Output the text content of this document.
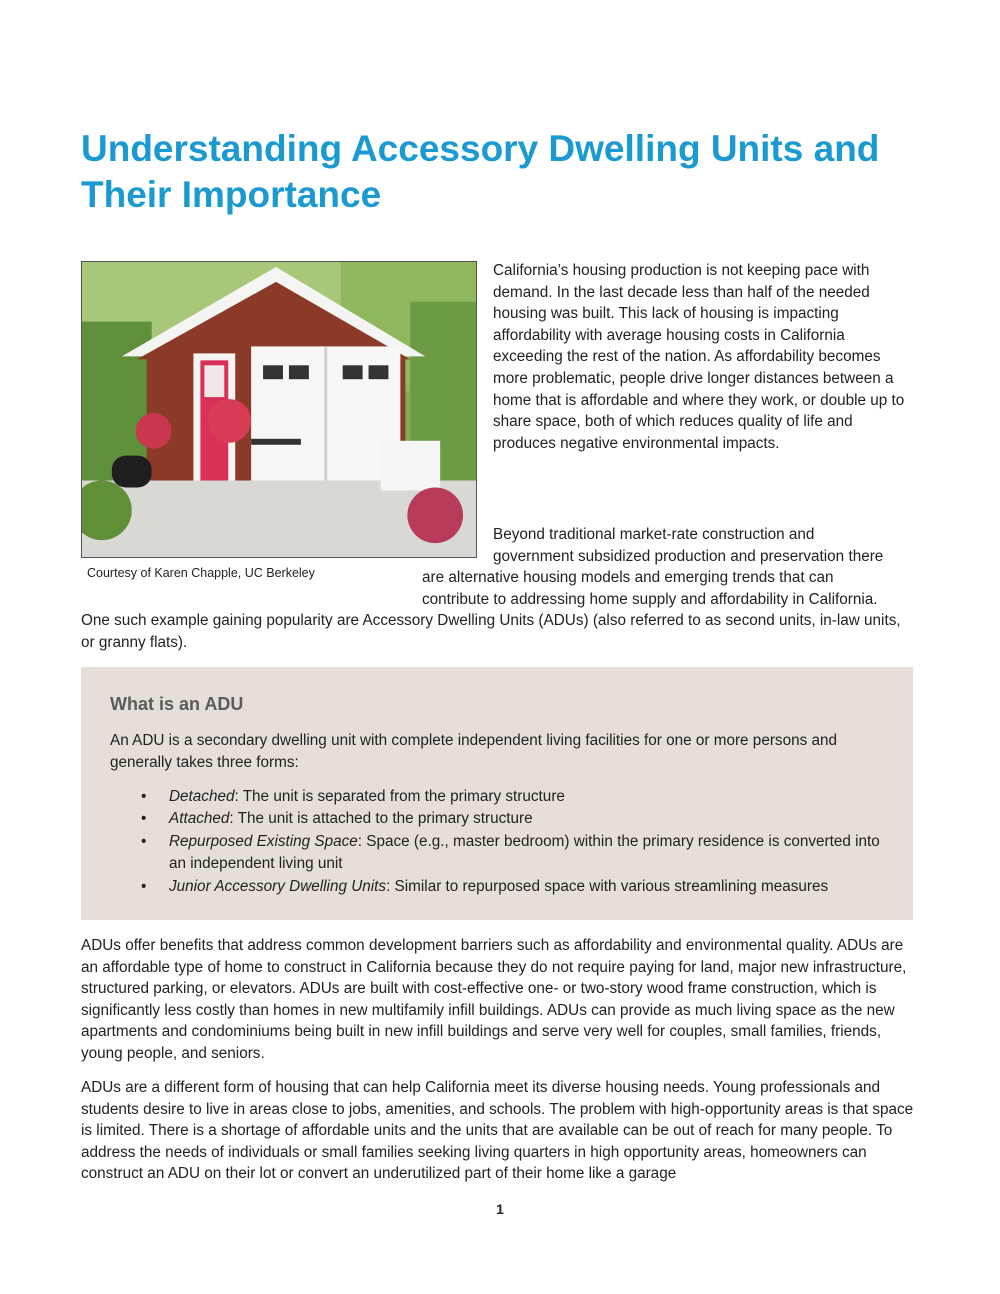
Understanding Accessory Dwelling Units and Their Importance

Courtesy of Karen Chapple, UC Berkeley

California’s housing production is not keeping pace with demand. In the last decade less than half of the needed housing was built. This lack of housing is impacting affordability with average housing costs in California exceeding the rest of the nation. As affordability becomes more problematic, people drive longer distances between a home that is affordable and where they work, or double up to share space, both of which reduces quality of life and produces negative environmental impacts.

Beyond traditional market-rate construction and
government subsidized production and preservation there

are alternative housing models and emerging trends that can
contribute to addressing home supply and affordability in California.

One such example gaining popularity are Accessory Dwelling Units (ADUs) (also referred to as second units, in-law units, or granny flats).

What is an ADU

An ADU is a secondary dwelling unit with complete independent living facilities for one or more persons and generally takes three forms:

• Detached: The unit is separated from the primary structure
• Attached: The unit is attached to the primary structure
• Repurposed Existing Space: Space (e.g., master bedroom) within the primary residence is converted into an independent living unit
• Junior Accessory Dwelling Units: Similar to repurposed space with various streamlining measures

ADUs offer benefits that address common development barriers such as affordability and environmental quality. ADUs are an affordable type of home to construct in California because they do not require paying for land, major new infrastructure, structured parking, or elevators. ADUs are built with cost-effective one- or two-story wood frame construction, which is significantly less costly than homes in new multifamily infill buildings. ADUs can provide as much living space as the new apartments and condominiums being built in new infill buildings and serve very well for couples, small families, friends, young people, and seniors.

ADUs are a different form of housing that can help California meet its diverse housing needs. Young professionals and students desire to live in areas close to jobs, amenities, and schools. The problem with high-opportunity areas is that space is limited. There is a shortage of affordable units and the units that are available can be out of reach for many people. To address the needs of individuals or small families seeking living quarters in high opportunity areas, homeowners can construct an ADU on their lot or convert an underutilized part of their home like a garage

1
